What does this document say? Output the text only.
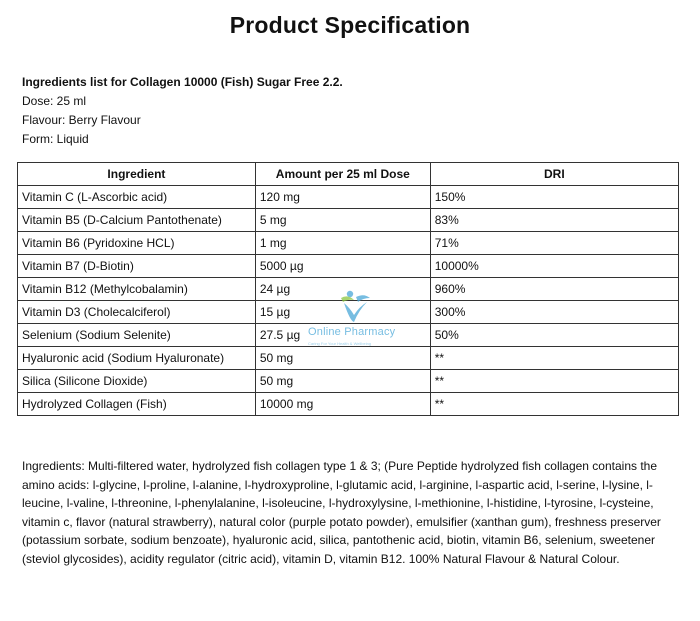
Product Specification
Ingredients list for Collagen 10000 (Fish) Sugar Free 2.2.
Dose: 25 ml
Flavour: Berry Flavour
Form: Liquid
Ingredient	Amount per 25 ml Dose	DRI
Vitamin C (L-Ascorbic acid)	120 mg	150%
Vitamin B5 (D-Calcium Pantothenate)	5 mg	83%
Vitamin B6 (Pyridoxine HCL)	1 mg	71%
Vitamin B7 (D-Biotin)	5000 µg	10000%
Vitamin B12 (Methylcobalamin)	24 µg	960%
Vitamin D3 (Cholecalciferol)	15 µg	300%
Selenium (Sodium Selenite)	27.5 µg	50%
Hyaluronic acid (Sodium Hyaluronate)	50 mg	**
Silica (Silicone Dioxide)	50 mg	**
Hydrolyzed Collagen (Fish)	10000 mg	**
Online Pharmacy
Caring For Your Health & Wellbeing
Ingredients: Multi-filtered water, hydrolyzed fish collagen type 1 & 3; (Pure Peptide hydrolyzed fish collagen contains the amino acids: l-glycine, l-proline, l-alanine, l-hydroxyproline, l-glutamic acid, l-arginine, l-aspartic acid, l-serine, l-lysine, l-leucine, l-valine, l-threonine, l-phenylalanine, l-isoleucine, l-hydroxylysine, l-methionine, l-histidine, l-tyrosine, l-cysteine, vitamin c, flavor (natural strawberry), natural color (purple potato powder), emulsifier (xanthan gum), freshness preserver (potassium sorbate, sodium benzoate), hyaluronic acid, silica, pantothenic acid, biotin, vitamin B6, selenium, sweetener (steviol glycosides), acidity regulator (citric acid), vitamin D, vitamin B12. 100% Natural Flavour & Natural Colour.
